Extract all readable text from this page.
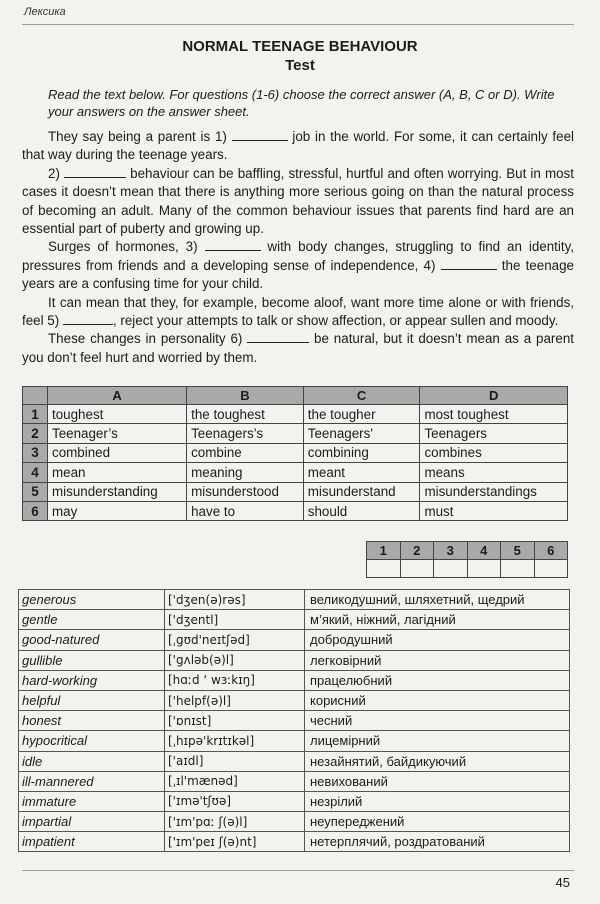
Лексика
NORMAL TEENAGE BEHAVIOUR
Test
Read the text below. For questions (1-6) choose the correct answer (A, B, C or D). Write your answers on the answer sheet.

They say being a parent is 1)	job in the world. For some, it can certainly feel that way during the teenage years.

2)	behaviour can be baffling, stressful, hurtful and often worrying. But in most cases it doesn’t mean that there is anything more serious going on than the natural process of becoming an adult. Many of the common behaviour issues that parents find hard are an essential part of puberty and growing up.

Surges of hormones, 3)	with body changes, struggling to find an identity, pressures from friends and a developing sense of independence, 4)	the teenage years are a confusing time for your child.

It can mean that they, for example, become aloof, want more time alone or with friends, feel 5)	, reject your attempts to talk or show affection, or appear sullen and moody.

These changes in personality 6)	be natural, but it doesn’t mean as a parent you don’t feel hurt and worried by them.

	A	B	C	D
1	toughest	the toughest	the tougher	most toughest
2	Teenager’s	Teenagers’s	Teenagers'	Teenagers
3	combined	combine	combining	combines
4	mean	meaning	meant	means
5	misunderstanding	misunderstood	misunderstand	misunderstandings
6	may	have to	should	must
1	2	3	4	5	6

generous	['dʒen(ə)rəs]	великодушний, шляхетний, щедрий
gentle	['dʒentl]	м’який, ніжний, лагідний
good-natured	[ˌgʊd'neɪtʃəd]	добродушний
gullible	['gʌləb(ə)l]	легковірний
hard-working	[hɑːd ʻ wɜːkɪŋ]	працелюбний
helpful	['helpf(ə)l]	корисний
honest	['ɒnɪst]	чесний
hypocritical	[ˌhɪpə'krɪtɪkəl]	лицемірний
idle	['aɪdl]	незайнятий, байдикуючий
ill-mannered	[ˌɪl'mænəd]	невихований
immature	['ɪmə'tʃʊə]	незрілий
impartial	['ɪm'pɑː ʃ(ə)l]	неупереджений
impatient	['ɪm'peɪ ʃ(ə)nt]	нетерплячий, роздратований
45
